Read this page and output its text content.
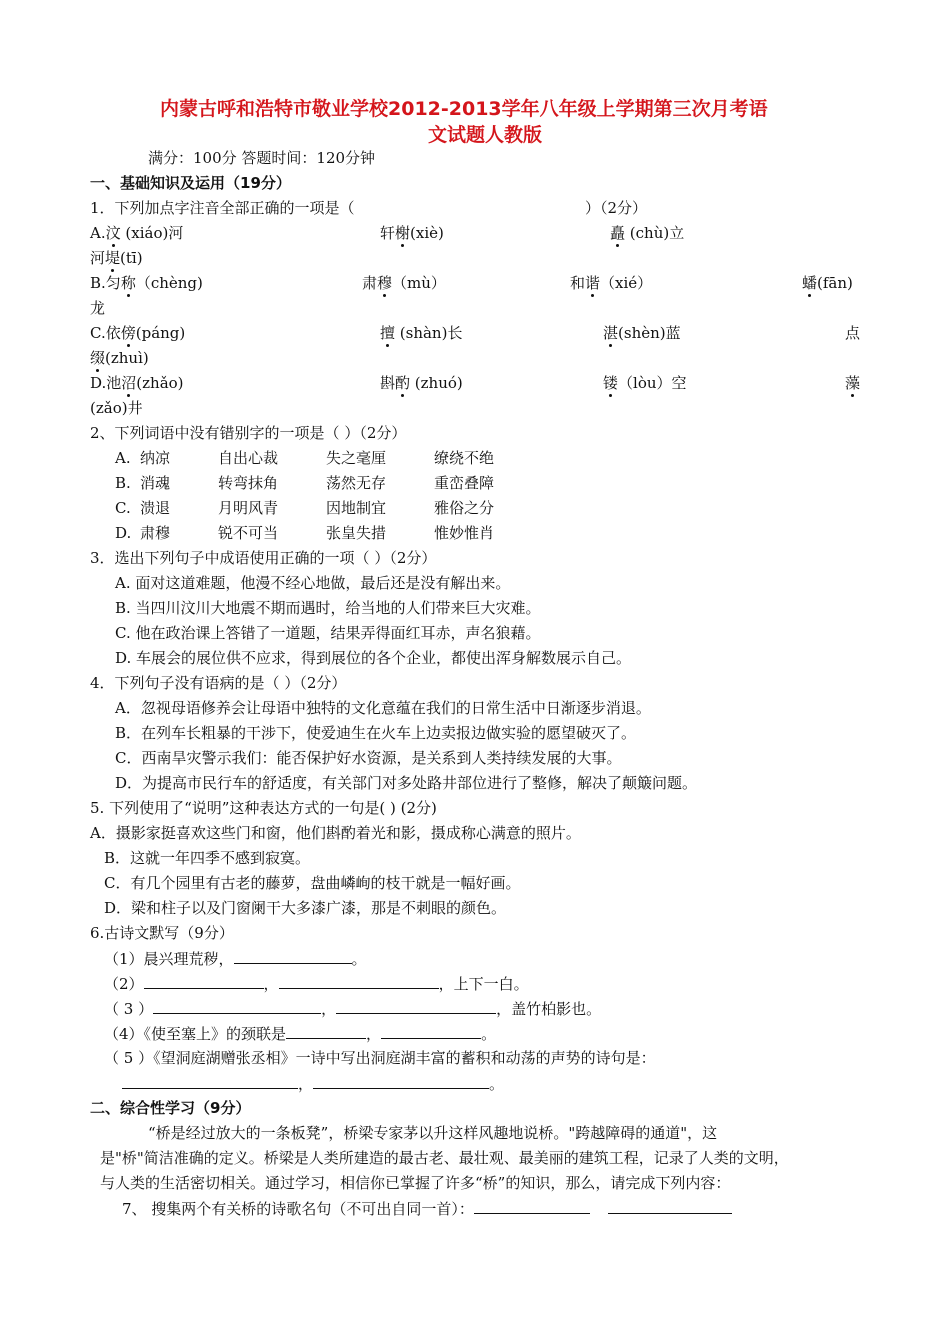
内蒙古呼和浩特市敬业学校2012-2013学年八年级上学期第三次月考语
文试题人教版
满分：100分 答题时间：120分钟
一、基础知识及运用（19分）
1．下列加点字注音全部正确的一项是（	）（2分）
A.汶 (xiáo)河	轩榭(xiè)	矗 (chù)立
河堤(tī)
B.匀称（chèng)	肃穆（mù）	和谐（xié）	蟠(fān)
龙
C.依傍(páng)	擅 (shàn)长	湛(shèn)蓝	点
缀(zhuì)
D.池沼(zhǎo)	斟酌 (zhuó)	镂（lòu）空	藻
(zǎo)井
2、下列词语中没有错别字的一项是（ ）（2分）
A. 纳凉	自出心裁	失之毫厘	缭绕不绝
B. 消魂	转弯抹角	荡然无存	重峦叠障
C. 溃退	月明风青	因地制宜	雅俗之分
D. 肃穆	锐不可当	张皇失措	惟妙惟肖
3．选出下列句子中成语使用正确的一项（ ）（2分）
A. 面对这道难题，他漫不经心地做，最后还是没有解出来。
B. 当四川汶川大地震不期而遇时，给当地的人们带来巨大灾难。
C. 他在政治课上答错了一道题，结果弄得面红耳赤，声名狼藉。
D. 车展会的展位供不应求，得到展位的各个企业，都使出浑身解数展示自己。
4．下列句子没有语病的是（ ）（2分）
A．忽视母语修养会让母语中独特的文化意蕴在我们的日常生活中日渐逐步消退。
B．在列车长粗暴的干涉下，使爱迪生在火车上边卖报边做实验的愿望破灭了。
C．西南旱灾警示我们：能否保护好水资源，是关系到人类持续发展的大事。
D．为提高市民行车的舒适度，有关部门对多处路井部位进行了整修，解决了颠簸问题。
5. 下列使用了“说明”这种表达方式的一句是( ) (2分)
A．摄影家挺喜欢这些门和窗，他们斟酌着光和影，摄成称心满意的照片。
B．这就一年四季不感到寂寞。
C．有几个园里有古老的藤萝，盘曲嶙峋的枝干就是一幅好画。
D．梁和柱子以及门窗阑干大多漆广漆，那是不刺眼的颜色。
6.古诗文默写（9分）
（1）晨兴理荒秽，	。
（2）	，	，上下一白。
（ 3 ）	，	，盖竹柏影也。
（4）《使至塞上》的颈联是	，	。
（ 5 ）《望洞庭湖赠张丞相》一诗中写出洞庭湖丰富的蓄积和动荡的声势的诗句是：
，	。
二、综合性学习（9分）
“桥是经过放大的一条板凳”，桥梁专家茅以升这样风趣地说桥。"跨越障碍的通道"，这
是"桥"简洁准确的定义。桥梁是人类所建造的最古老、最壮观、最美丽的建筑工程，记录了人类的文明，
与人类的生活密切相关。通过学习，相信你已掌握了许多“桥”的知识，那么，请完成下列内容：
7、 搜集两个有关桥的诗歌名句（不可出自同一首）：
